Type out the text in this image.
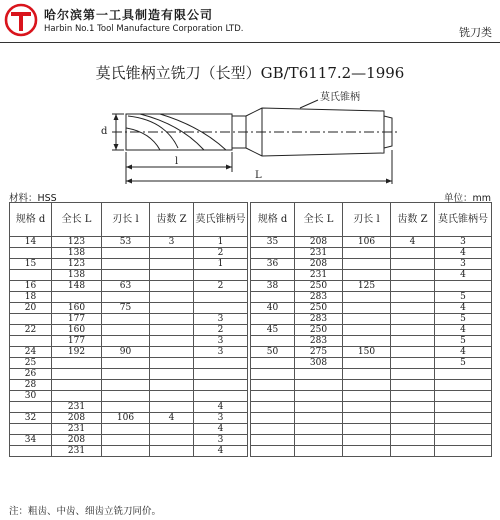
哈尔滨第一工具制造有限公司
Harbin No.1 Tool Manufacture Corporation LTD.	铣刀类
莫氏锥柄立铣刀（长型）GB/T6117.2—1996
莫氏锥柄
d
l
L
材料：HSS	单位：mm
规格 d	全长 L	刃长 l	齿数 Z	莫氏锥柄号
14	123	53	3	1
	138			2
15	123			1
	138			
16	148	63		2
18				
20	160	75		
	177			3
22	160			2
	177			3
24	192	90		3
25				
26				
28				
30				
	231			4
32	208	106	4	3
	231			4
34	208			3
	231			4
规格 d	全长 L	刃长 l	齿数 Z	莫氏锥柄号
35	208	106	4	3
	231			4
36	208			3
	231			4
38	250	125		
	283			5
40	250			4
	283			5
45	250			4
	283			5
50	275	150		4
	308			5

注：粗齿、中齿、细齿立铣刀同价。
